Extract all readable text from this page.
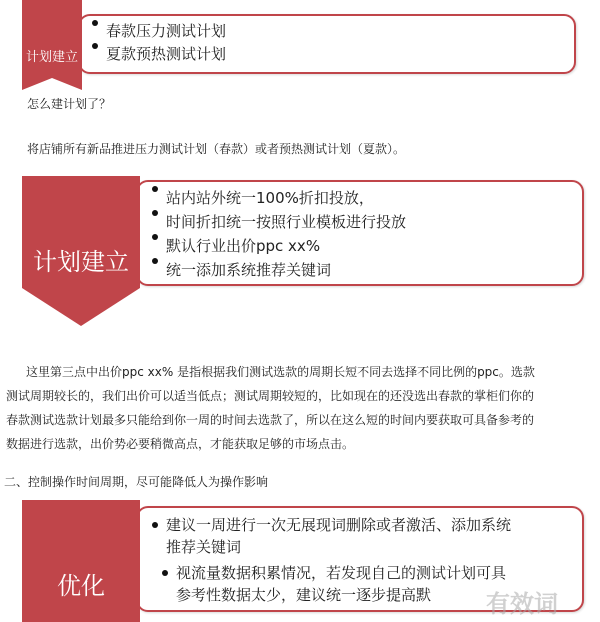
春款压力测试计划
夏款预热测试计划
计划建立
怎么建计划了？
将店铺所有新品推进压力测试计划（春款）或者预热测试计划（夏款）。
站内站外统一100%折扣投放，
时间折扣统一按照行业模板进行投放
默认行业出价ppc xx%
统一添加系统推荐关键词
计划建立
这里第三点中出价ppc xx% 是指根据我们测试选款的周期长短不同去选择不同比例的ppc。选款
测试周期较长的，我们出价可以适当低点；测试周期较短的，比如现在的还没选出春款的掌柜们你的
春款测试选款计划最多只能给到你一周的时间去选款了，所以在这么短的时间内要获取可具备参考的
数据进行选款，出价势必要稍微高点，才能获取足够的市场点击。
二、控制操作时间周期，尽可能降低人为操作影响
建议一周进行一次无展现词删除或者激活、添加系统
推荐关键词
视流量数据积累情况，若发现自己的测试计划可具
参考性数据太少，建议统一逐步提高默
优化
有效词
